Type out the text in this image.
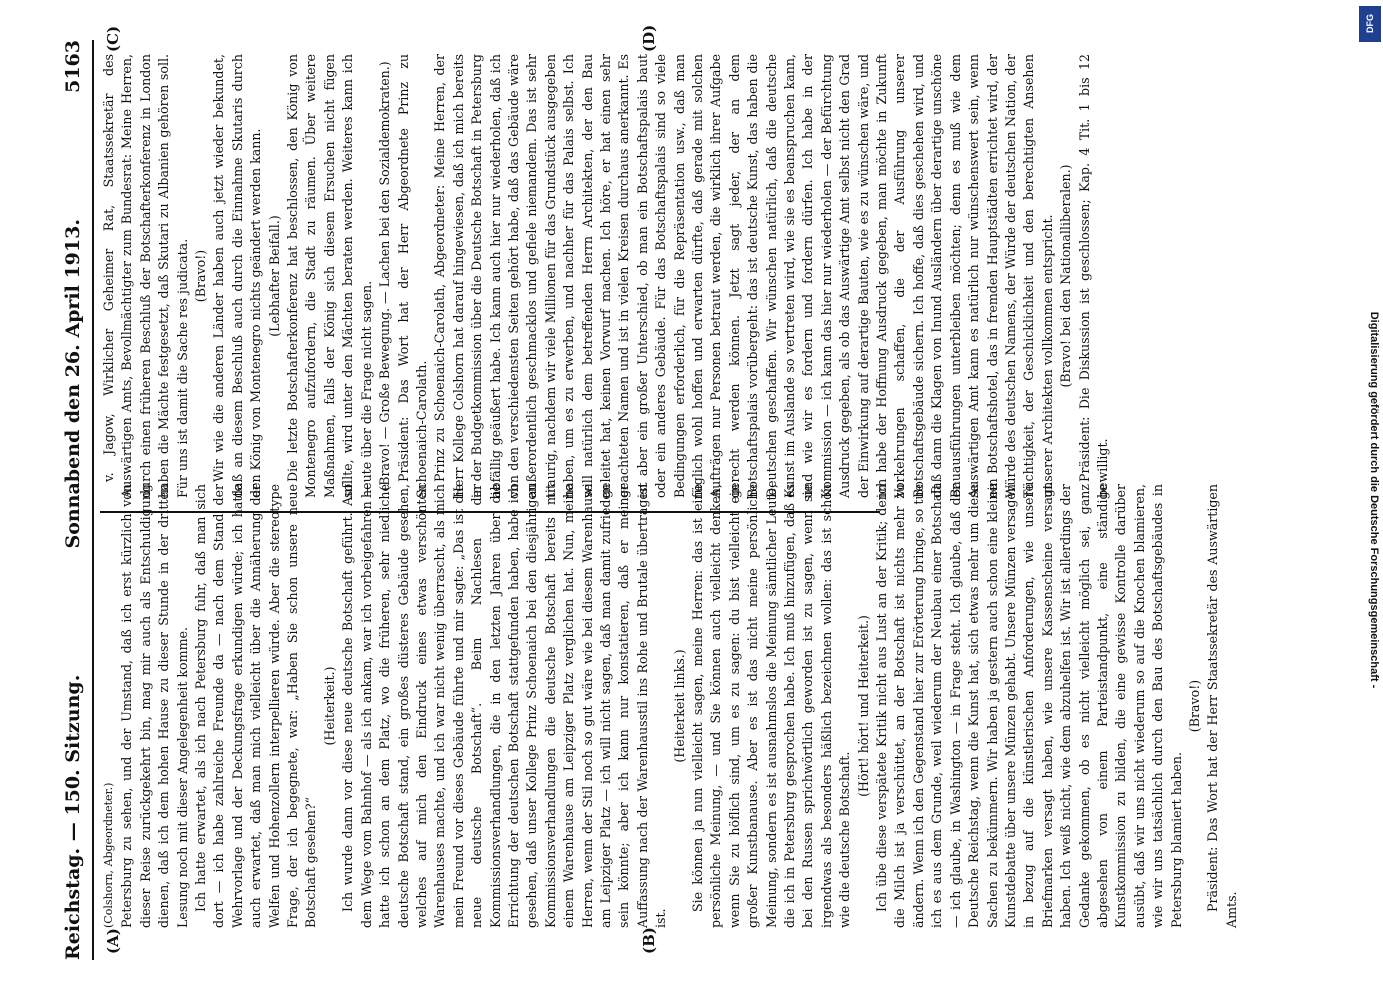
Reichstag. — 150. Sitzung.
Sonnabend den 26. April 1913.
5163
(A)	(B)
(C)	(D)

(Colshorn, Abgeordneter.) Petersburg zu sehen, und der Umstand, daß ich erst kürzlich von dieser Reise zurückgekehrt bin, mag mir auch als Entschuldigung dienen, daß ich dem hohen Hause zu dieser Stunde in der dritten Lesung noch mit dieser Angelegenheit komme. Ich hatte erwartet, als ich nach Petersburg fuhr, daß man sich dort — ich habe zahlreiche Freunde da — nach dem Stand der Wehrvorlage und der Deckungsfrage erkundigen würde; ich hatte auch erwartet, daß man mich vielleicht über die Annäherung der Welfen und Hohenzollern interpellieren würde. Aber die stereotype Frage, der ich begegnete, war: „Haben Sie schon unsere neue Botschaft gesehen?“

(Heiterkeit.) Ich wurde dann vor diese neue deutsche Botschaft geführt. Auf dem Wege vom Bahnhof — als ich ankam, war ich vorbeigefahren — hatte ich schon an dem Platz, wo die früheren, sehr niedliche deutsche Botschaft stand, ein großes düsteres Gebäude gesehen, welches auf mich den Eindruck eines etwas verschönten Warenhauses machte, und ich war nicht wenig überrascht, als mich mein Freund vor dieses Gebäude führte und mir sagte: „Das ist die neue deutsche Botschaft“. Beim Nachlesen der Kommissionsverhandlungen, die in den letzten Jahren über die Errichtung der deutschen Botschaft stattgefunden haben, habe ich gesehen, daß unser Kollege Prinz Schoenaich bei den diesjährigen Kommissionsverhandlungen die deutsche Botschaft bereits mit einem Warenhause am Leipziger Platz verglichen hat. Nun, meine Herren, wenn der Stil noch so gut wäre wie bei diesem Warenhause am Leipziger Platz — ich will nicht sagen, daß man damit zufrieden sein könnte; aber ich kann nur konstatieren, daß er meiner Auffassung nach der Warenhausstil ins Rohe und Brutale übertragen ist.

(Heiterkeit links.) Sie können ja nun vielleicht sagen, meine Herren: das ist eine persönliche Meinung, — und Sie können auch vielleicht denken, wenn Sie zu höflich sind, um es zu sagen: du bist vielleicht ein großer Kunstbanause. Aber es ist das nicht meine persönliche Meinung, sondern es ist ausnahmslos die Meinung sämtlicher Leute, die ich in Petersburg gesprochen habe. Ich muß hinzufügen, daß es bei den Russen sprichwörtlich geworden ist zu sagen, wenn sie irgendwas als besonders häßlich bezeichnen wollen: das ist schön wie die deutsche Botschaft.

(Hört! hört! und Heiterkeit.) Ich übe diese verspätete Kritik nicht aus Lust an der Kritik; denn die Milch ist ja verschüttet, an der Botschaft ist nichts mehr zu ändern. Wenn ich den Gegenstand hier zur Erörterung bringe, so tue ich es aus dem Grunde, weil wiederum der Neubau einer Botschaft — ich glaube, in Washington — in Frage steht. Ich glaube, daß der Deutsche Reichstag, wenn die Kunst hat, sich etwas mehr um diese Sachen zu bekümmern. Wir haben ja gestern auch schon eine kleine Kunstdebatte über unsere Münzen gehabt. Unsere Münzen versagen in bezug auf die künstlerischen Anforderungen, wie unsere Briefmarken versagt haben, wie unsere Kassenscheine versagt haben. Ich weiß nicht, wie dem abzuhelfen ist. Wir ist allerdings der Gedanke gekommen, ob es nicht vielleicht möglich sei, ganz abgesehen von einem Parteistandpunkt, eine ständige Kunstkommission zu bilden, die eine gewisse Kontrolle darüber ausübt, daß wir uns nicht wiederum so auf die Knochen blamieren, wie wir uns tatsächlich durch den Bau des Botschaftsgebäudes in Petersburg blamiert haben.

(Bravo!) Präsident: Das Wort hat der Herr Staatssekretär des Auswärtigen Amts.

v. Jagow, Wirklicher Geheimer Rat, Staatssekretär des Auswärtigen Amts, Bevollmächtigter zum Bundesrat: Meine Herren, durch einen früheren Beschluß der Botschafterkonferenz in London haben die Mächte festgesetzt, daß Skutari zu Albanien gehören soll. Für uns ist damit die Sache res judicata. (Bravo!) Wir wie die anderen Länder haben auch jetzt wieder bekundet, daß an diesem Beschluß auch durch die Einnahme Skutaris durch den König von Montenegro nichts geändert werden kann. (Lebhafter Beifall.) Die letzte Botschafterkonferenz hat beschlossen, den König von Montenegro aufzufordern, die Stadt zu räumen. Über weitere Maßnahmen, falls der König sich diesem Ersuchen nicht fügen sollte, wird unter den Mächten beraten werden. Weiteres kann ich heute über die Frage nicht sagen. (Bravo! — Große Bewegung. — Lachen bei den Sozialdemokraten.) Präsident: Das Wort hat der Herr Abgeordnete Prinz zu Schoenaich-Carolath. Prinz zu Schoenaich-Carolath, Abgeordneter: Meine Herren, der Herr Kollege Colshorn hat darauf hingewiesen, daß ich mich bereits in der Budgetkommission über die Deutsche Botschaft in Petersburg abfällig geäußert habe. Ich kann auch hier nur wiederholen, daß ich von den verschiedensten Seiten gehört habe, daß das Gebäude wäre außerordentlich geschmacklos und gefiele niemandem. Das ist sehr traurig, nachdem wir viele Millionen für das Grundstück ausgegeben haben, um es zu erwerben, und nachher für das Palais selbst. Ich will natürlich dem betreffenden Herrn Architekten, der den Bau geleitet hat, keinen Vorwurf machen. Ich höre, er hat einen sehr geachteten Namen und ist in vielen Kreisen durchaus anerkannt. Es ist aber ein großer Unterschied, ob man ein Botschaftspalais baut oder ein anderes Gebäude. Für das Botschaftspalais sind so viele Bedingungen erforderlich, für die Repräsentation usw., daß man füglich wohl hoffen und erwarten dürfte, daß gerade mit solchen Aufträgen nur Personen betraut werden, die wirklich ihrer Aufgabe gerecht werden können. Jetzt sagt jeder, der an dem Botschaftspalais vorübergeht: das ist deutsche Kunst, das haben die Deutschen geschaffen. Wir wünschen natürlich, daß die deutsche Kunst im Auslande so vertreten wird, wie sie es beanspruchen kann, und wie wir es fordern und fordern dürfen. Ich habe in der Kommission — ich kann das hier nur wiederholen — der Befürchtung Ausdruck gegeben, als ob das Auswärtige Amt selbst nicht den Grad der Einwirkung auf derartige Bauten, wie es zu wünschen wäre, und ich habe der Hoffnung Ausdruck gegeben, man möchte in Zukunft Vorkehrungen schaffen, die der Ausführung unserer Botschaftsgebäude sichern. Ich hoffe, daß dies geschehen wird, und daß dann die Klagen von Inund Ausländern über derartige unschöne Bauausführungen unterbleiben möchten; denn es muß wie dem Auswärtigen Amt kann es natürlich nur wünschenswert sein, wenn ein Botschaftshotel, das in fremden Hauptstädten errichtet wird, der Würde des deutschen Namens, der Würde der deutschen Nation, der Tüchtigkeit, der Geschicklichkeit und den berechtigten Ansehen unserer Architekten vollkommen entspricht. (Bravo! bei den Nationalliberalen.) Präsident: Die Diskussion ist geschlossen; Kap. 4 Tit. 1 bis 12 bewilligt.	Digitalisierung gefördert durch die Deutsche Forschungsgemeinschaft -
DFG
